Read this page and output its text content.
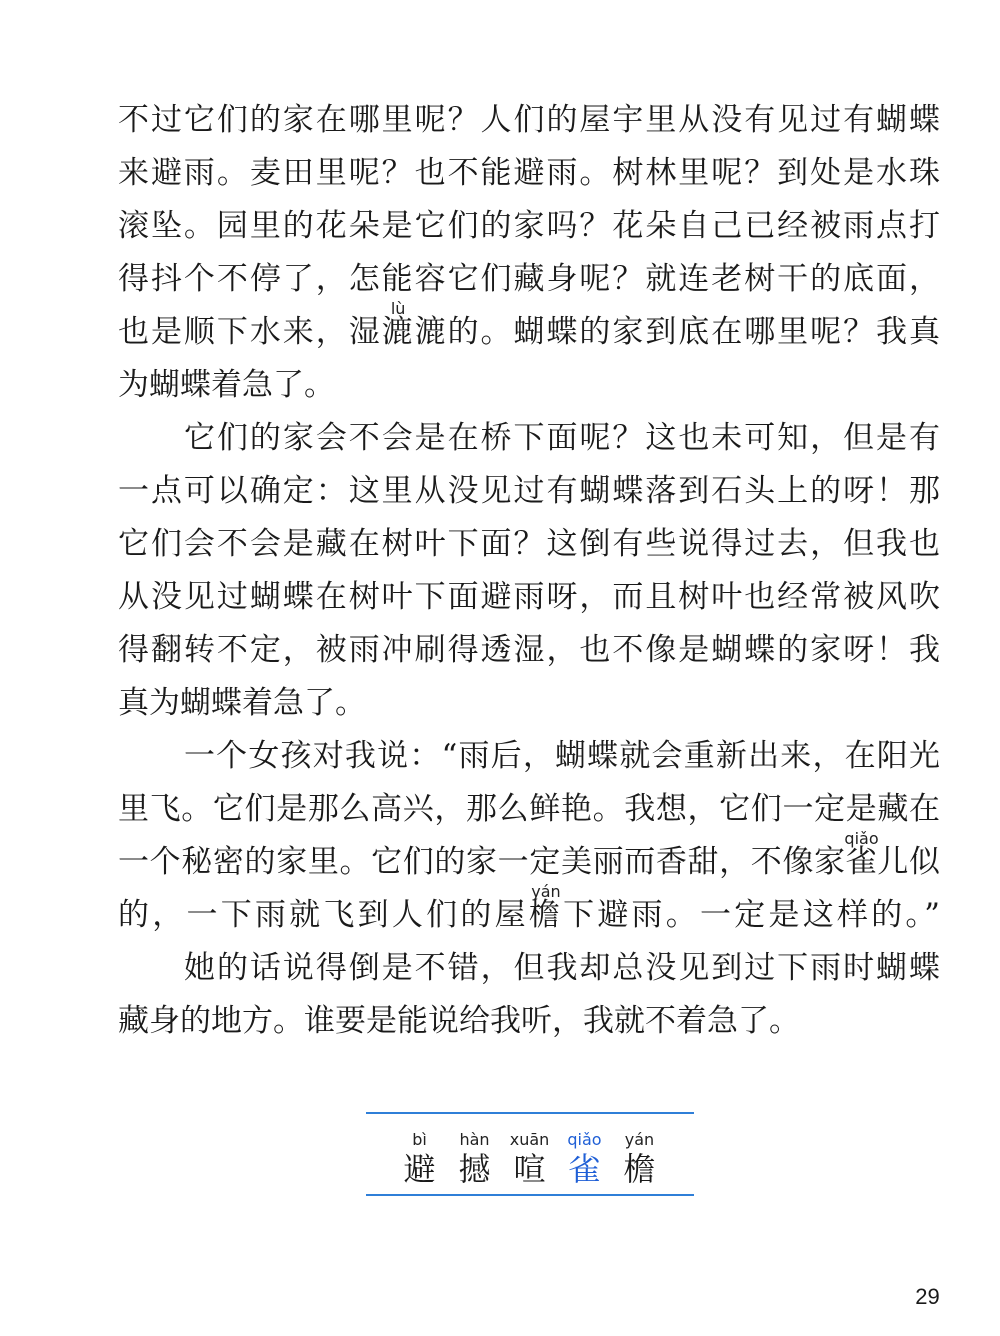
不过它们的家在哪里呢？人们的屋宇里从没有见过有蝴蝶
来避雨。麦田里呢？也不能避雨。树林里呢？到处是水珠
滚坠。园里的花朵是它们的家吗？花朵自己已经被雨点打
得抖个不停了，怎能容它们藏身呢？就连老树干的底面，
也是顺下水来，湿漉
lù
漉的。蝴蝶的家到底在哪里呢？我真
为蝴蝶着急了。
它们的家会不会是在桥下面呢？这也未可知，但是有
一点可以确定：这里从没见过有蝴蝶落到石头上的呀！那
它们会不会是藏在树叶下面？这倒有些说得过去，但我也
从没见过蝴蝶在树叶下面避雨呀，而且树叶也经常被风吹
得翻转不定，被雨冲刷得透湿，也不像是蝴蝶的家呀！我
真为蝴蝶着急了。
一个女孩对我说：“雨后，蝴蝶就会重新出来，在阳光
里飞。它们是那么高兴，那么鲜艳。我想，它们一定是藏在
一个秘密的家里。它们的家一定美丽而香甜，不像家雀
qiǎo
儿似
的，一下雨就飞到人们的屋檐
yán
下避雨。一定是这样的。”
她的话说得倒是不错，但我却总没见到过下雨时蝴蝶
藏身的地方。谁要是能说给我听，我就不着急了。
bì
避
hàn
撼
xuān
喧
qiǎo
雀
yán
檐
29
